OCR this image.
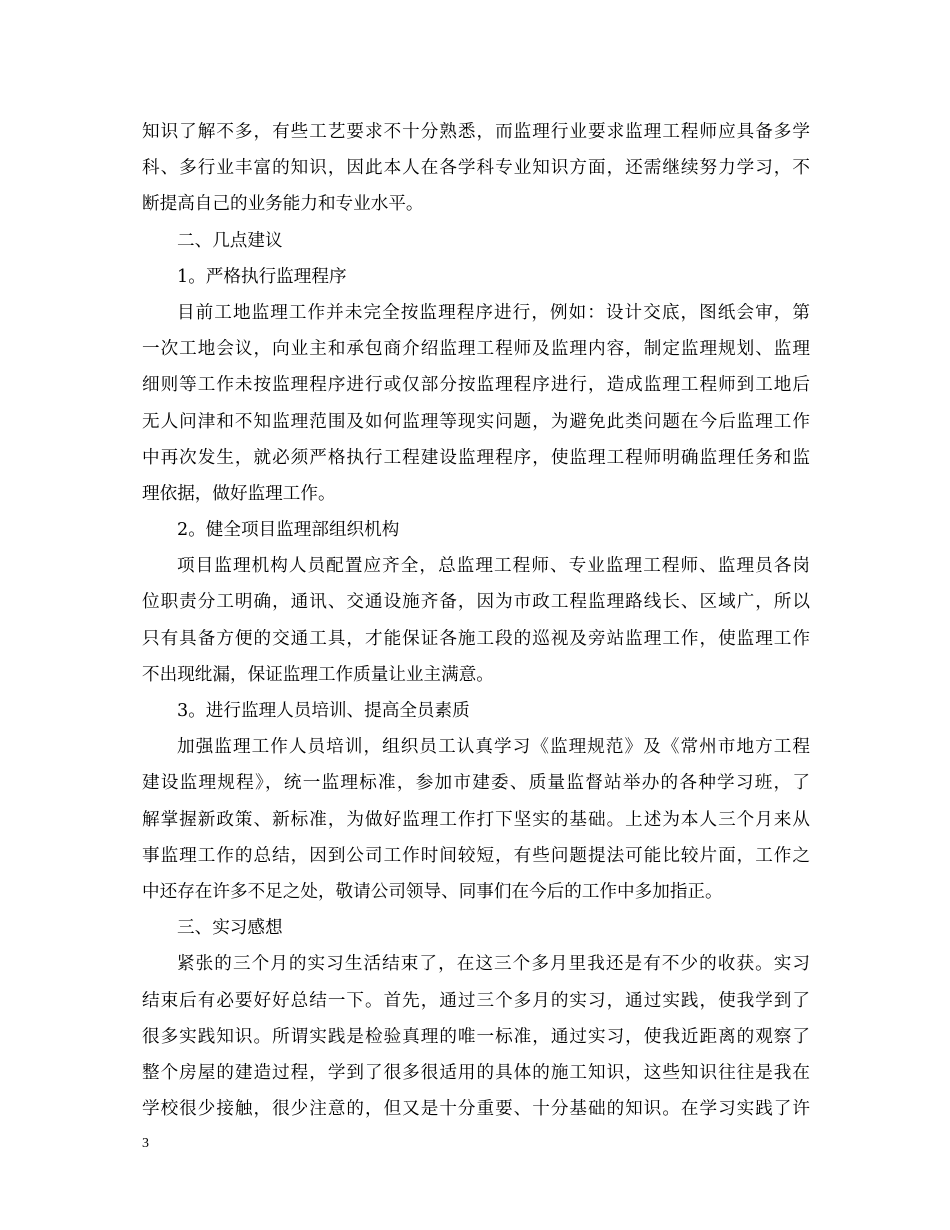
知识了解不多，有些工艺要求不十分熟悉，而监理行业要求监理工程师应具备多学
科、多行业丰富的知识，因此本人在各学科专业知识方面，还需继续努力学习，不
断提高自己的业务能力和专业水平。
二、几点建议
1。严格执行监理程序
目前工地监理工作并未完全按监理程序进行，例如：设计交底，图纸会审，第
一次工地会议，向业主和承包商介绍监理工程师及监理内容，制定监理规划、监理
细则等工作未按监理程序进行或仅部分按监理程序进行，造成监理工程师到工地后
无人问津和不知监理范围及如何监理等现实问题，为避免此类问题在今后监理工作
中再次发生，就必须严格执行工程建设监理程序，使监理工程师明确监理任务和监
理依据，做好监理工作。
2。健全项目监理部组织机构
项目监理机构人员配置应齐全，总监理工程师、专业监理工程师、监理员各岗
位职责分工明确，通讯、交通设施齐备，因为市政工程监理路线长、区域广，所以
只有具备方便的交通工具，才能保证各施工段的巡视及旁站监理工作，使监理工作
不出现纰漏，保证监理工作质量让业主满意。
3。进行监理人员培训、提高全员素质
加强监理工作人员培训，组织员工认真学习《监理规范》及《常州市地方工程
建设监理规程》，统一监理标准，参加市建委、质量监督站举办的各种学习班，了
解掌握新政策、新标准，为做好监理工作打下坚实的基础。上述为本人三个月来从
事监理工作的总结，因到公司工作时间较短，有些问题提法可能比较片面，工作之
中还存在许多不足之处，敬请公司领导、同事们在今后的工作中多加指正。
三、实习感想
紧张的三个月的实习生活结束了，在这三个多月里我还是有不少的收获。实习
结束后有必要好好总结一下。首先，通过三个多月的实习，通过实践，使我学到了
很多实践知识。所谓实践是检验真理的唯一标准，通过实习，使我近距离的观察了
整个房屋的建造过程，学到了很多很适用的具体的施工知识，这些知识往往是我在
学校很少接触，很少注意的，但又是十分重要、十分基础的知识。在学习实践了许
3
